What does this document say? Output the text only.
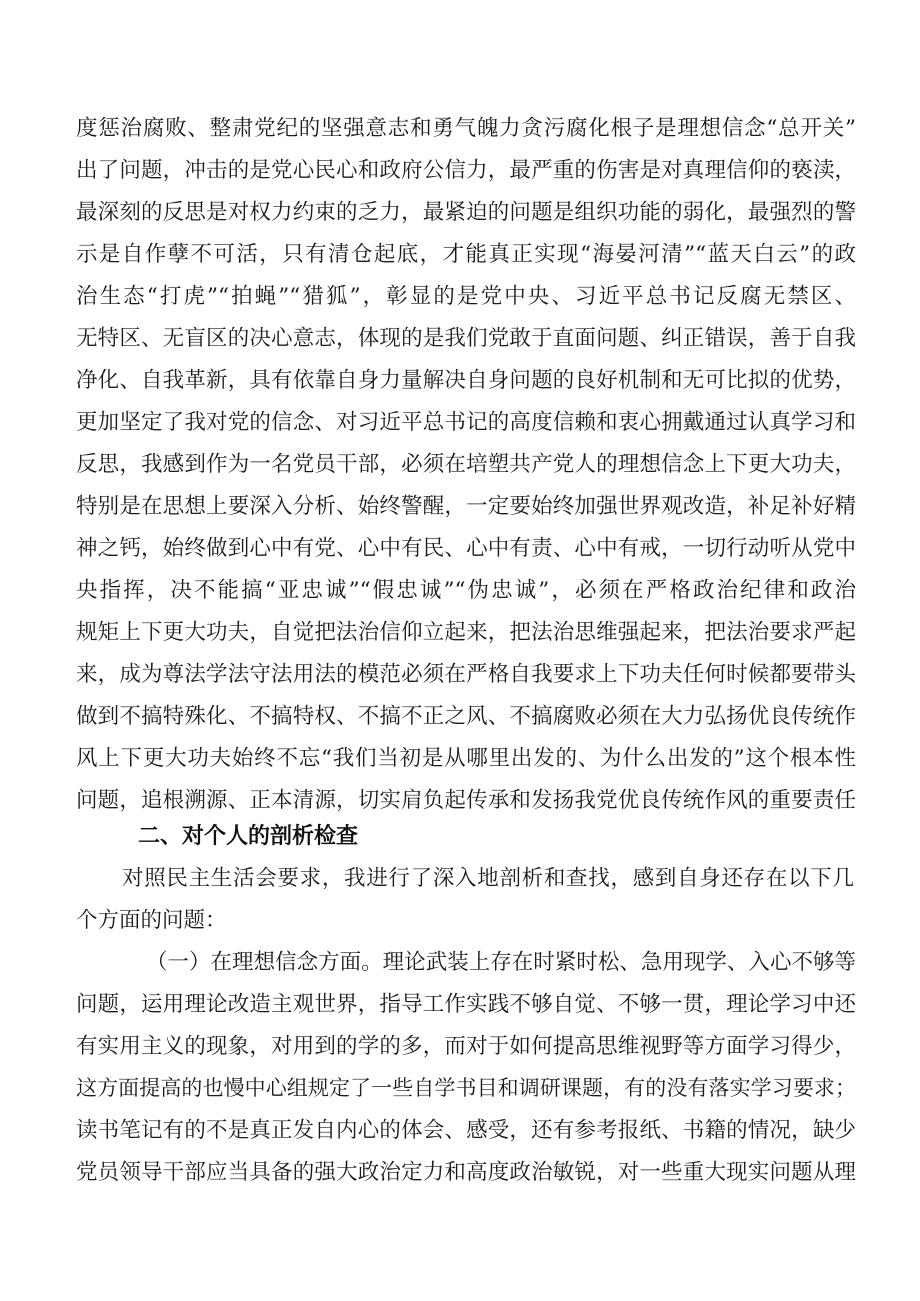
度惩治腐败、整肃党纪的坚强意志和勇气魄力贪污腐化根子是理想信念“总开关”
出了问题，冲击的是党心民心和政府公信力，最严重的伤害是对真理信仰的亵渎，
最深刻的反思是对权力约束的乏力，最紧迫的问题是组织功能的弱化，最强烈的警
示是自作孽不可活，只有清仓起底，才能真正实现“海晏河清”“蓝天白云”的政
治生态“打虎”“拍蝇”“猎狐”，彰显的是党中央、习近平总书记反腐无禁区、
无特区、无盲区的决心意志，体现的是我们党敢于直面问题、纠正错误，善于自我
净化、自我革新，具有依靠自身力量解决自身问题的良好机制和无可比拟的优势，
更加坚定了我对党的信念、对习近平总书记的高度信赖和衷心拥戴通过认真学习和
反思，我感到作为一名党员干部，必须在培塑共产党人的理想信念上下更大功夫，
特别是在思想上要深入分析、始终警醒，一定要始终加强世界观改造，补足补好精
神之钙，始终做到心中有党、心中有民、心中有责、心中有戒，一切行动听从党中
央指挥，决不能搞“亚忠诚”“假忠诚”“伪忠诚”，必须在严格政治纪律和政治
规矩上下更大功夫，自觉把法治信仰立起来，把法治思维强起来，把法治要求严起
来，成为尊法学法守法用法的模范必须在严格自我要求上下功夫任何时候都要带头
做到不搞特殊化、不搞特权、不搞不正之风、不搞腐败必须在大力弘扬优良传统作
风上下更大功夫始终不忘“我们当初是从哪里出发的、为什么出发的”这个根本性
问题，追根溯源、正本清源，切实肩负起传承和发扬我党优良传统作风的重要责任
二、对个人的剖析检查
对照民主生活会要求，我进行了深入地剖析和查找，感到自身还存在以下几
个方面的问题：
（一）在理想信念方面。理论武装上存在时紧时松、急用现学、入心不够等
问题，运用理论改造主观世界，指导工作实践不够自觉、不够一贯，理论学习中还
有实用主义的现象，对用到的学的多，而对于如何提高思维视野等方面学习得少，
这方面提高的也慢中心组规定了一些自学书目和调研课题，有的没有落实学习要求；
读书笔记有的不是真正发自内心的体会、感受，还有参考报纸、书籍的情况，缺少
党员领导干部应当具备的强大政治定力和高度政治敏锐，对一些重大现实问题从理
